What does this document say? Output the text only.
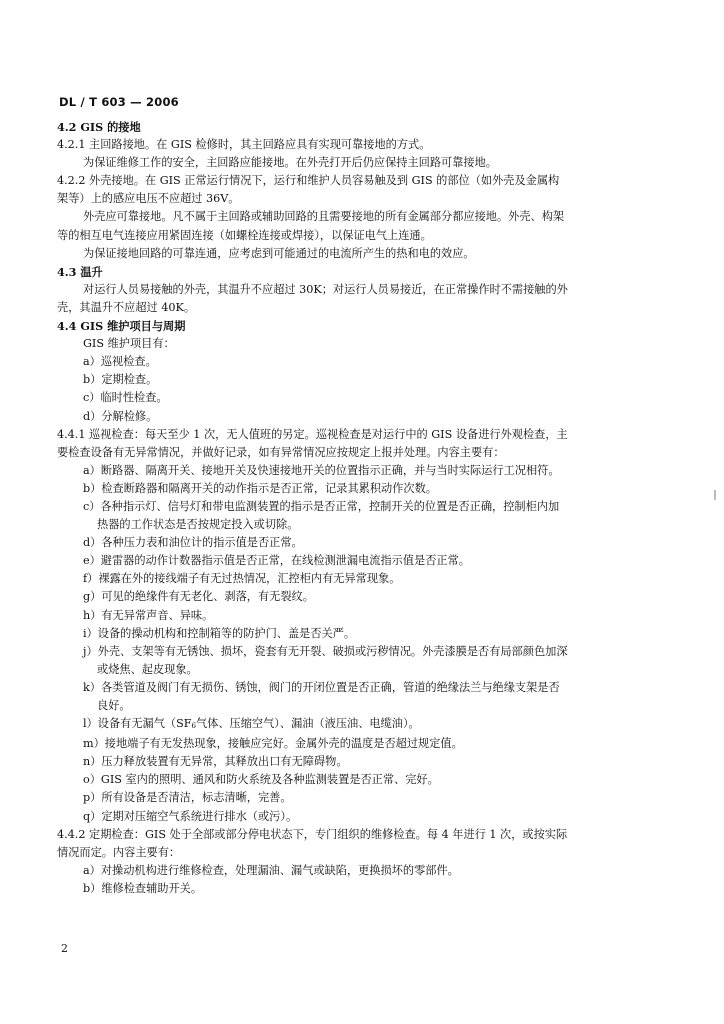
DL / T 603 — 2006

4.2 GIS 的接地

4.2.1 主回路接地。在 GIS 检修时，其主回路应具有实现可靠接地的方式。

为保证维修工作的安全，主回路应能接地。在外壳打开后仍应保持主回路可靠接地。

4.2.2 外壳接地。在 GIS 正常运行情况下，运行和维护人员容易触及到 GIS 的部位（如外壳及金属构

架等）上的感应电压不应超过 36V。

外壳应可靠接地。凡不属于主回路或辅助回路的且需要接地的所有金属部分都应接地。外壳、构架

等的相互电气连接应用紧固连接（如螺栓连接或焊接），以保证电气上连通。

为保证接地回路的可靠连通，应考虑到可能通过的电流所产生的热和电的效应。

4.3 温升

对运行人员易接触的外壳，其温升不应超过 30K；对运行人员易接近，在正常操作时不需接触的外

壳，其温升不应超过 40K。

4.4 GIS 维护项目与周期

GIS 维护项目有：

a）巡视检查。

b）定期检查。

c）临时性检查。

d）分解检修。

4.4.1 巡视检查：每天至少 1 次，无人值班的另定。巡视检查是对运行中的 GIS 设备进行外观检查，主

要检查设备有无异常情况，并做好记录，如有异常情况应按规定上报并处理。内容主要有：

a）断路器、隔离开关、接地开关及快速接地开关的位置指示正确，并与当时实际运行工况相符。

b）检查断路器和隔离开关的动作指示是否正常，记录其累积动作次数。

c）各种指示灯、信号灯和带电监测装置的指示是否正常，控制开关的位置是否正确，控制柜内加

热器的工作状态是否按规定投入或切除。

d）各种压力表和油位计的指示值是否正常。

e）避雷器的动作计数器指示值是否正常，在线检测泄漏电流指示值是否正常。

f）裸露在外的接线端子有无过热情况，汇控柜内有无异常现象。

g）可见的绝缘件有无老化、剥落，有无裂纹。

h）有无异常声音、异味。

i）设备的操动机构和控制箱等的防护门、盖是否关严。

j）外壳、支架等有无锈蚀、损坏，瓷套有无开裂、破损或污秽情况。外壳漆膜是否有局部颜色加深

或烧焦、起皮现象。

k）各类管道及阀门有无损伤、锈蚀，阀门的开闭位置是否正确，管道的绝缘法兰与绝缘支架是否

良好。

l）设备有无漏气（SF6气体、压缩空气）、漏油（液压油、电缆油）。

m）接地端子有无发热现象，接触应完好。金属外壳的温度是否超过规定值。

n）压力释放装置有无异常，其释放出口有无障碍物。

o）GIS 室内的照明、通风和防火系统及各种监测装置是否正常、完好。

p）所有设备是否清洁，标志清晰，完善。

q）定期对压缩空气系统进行排水（或污）。

4.4.2 定期检查：GIS 处于全部或部分停电状态下，专门组织的维修检查。每 4 年进行 1 次，或按实际

情况而定。内容主要有：

a）对操动机构进行维修检查，处理漏油、漏气或缺陷，更换损坏的零部件。

b）维修检查辅助开关。

2
